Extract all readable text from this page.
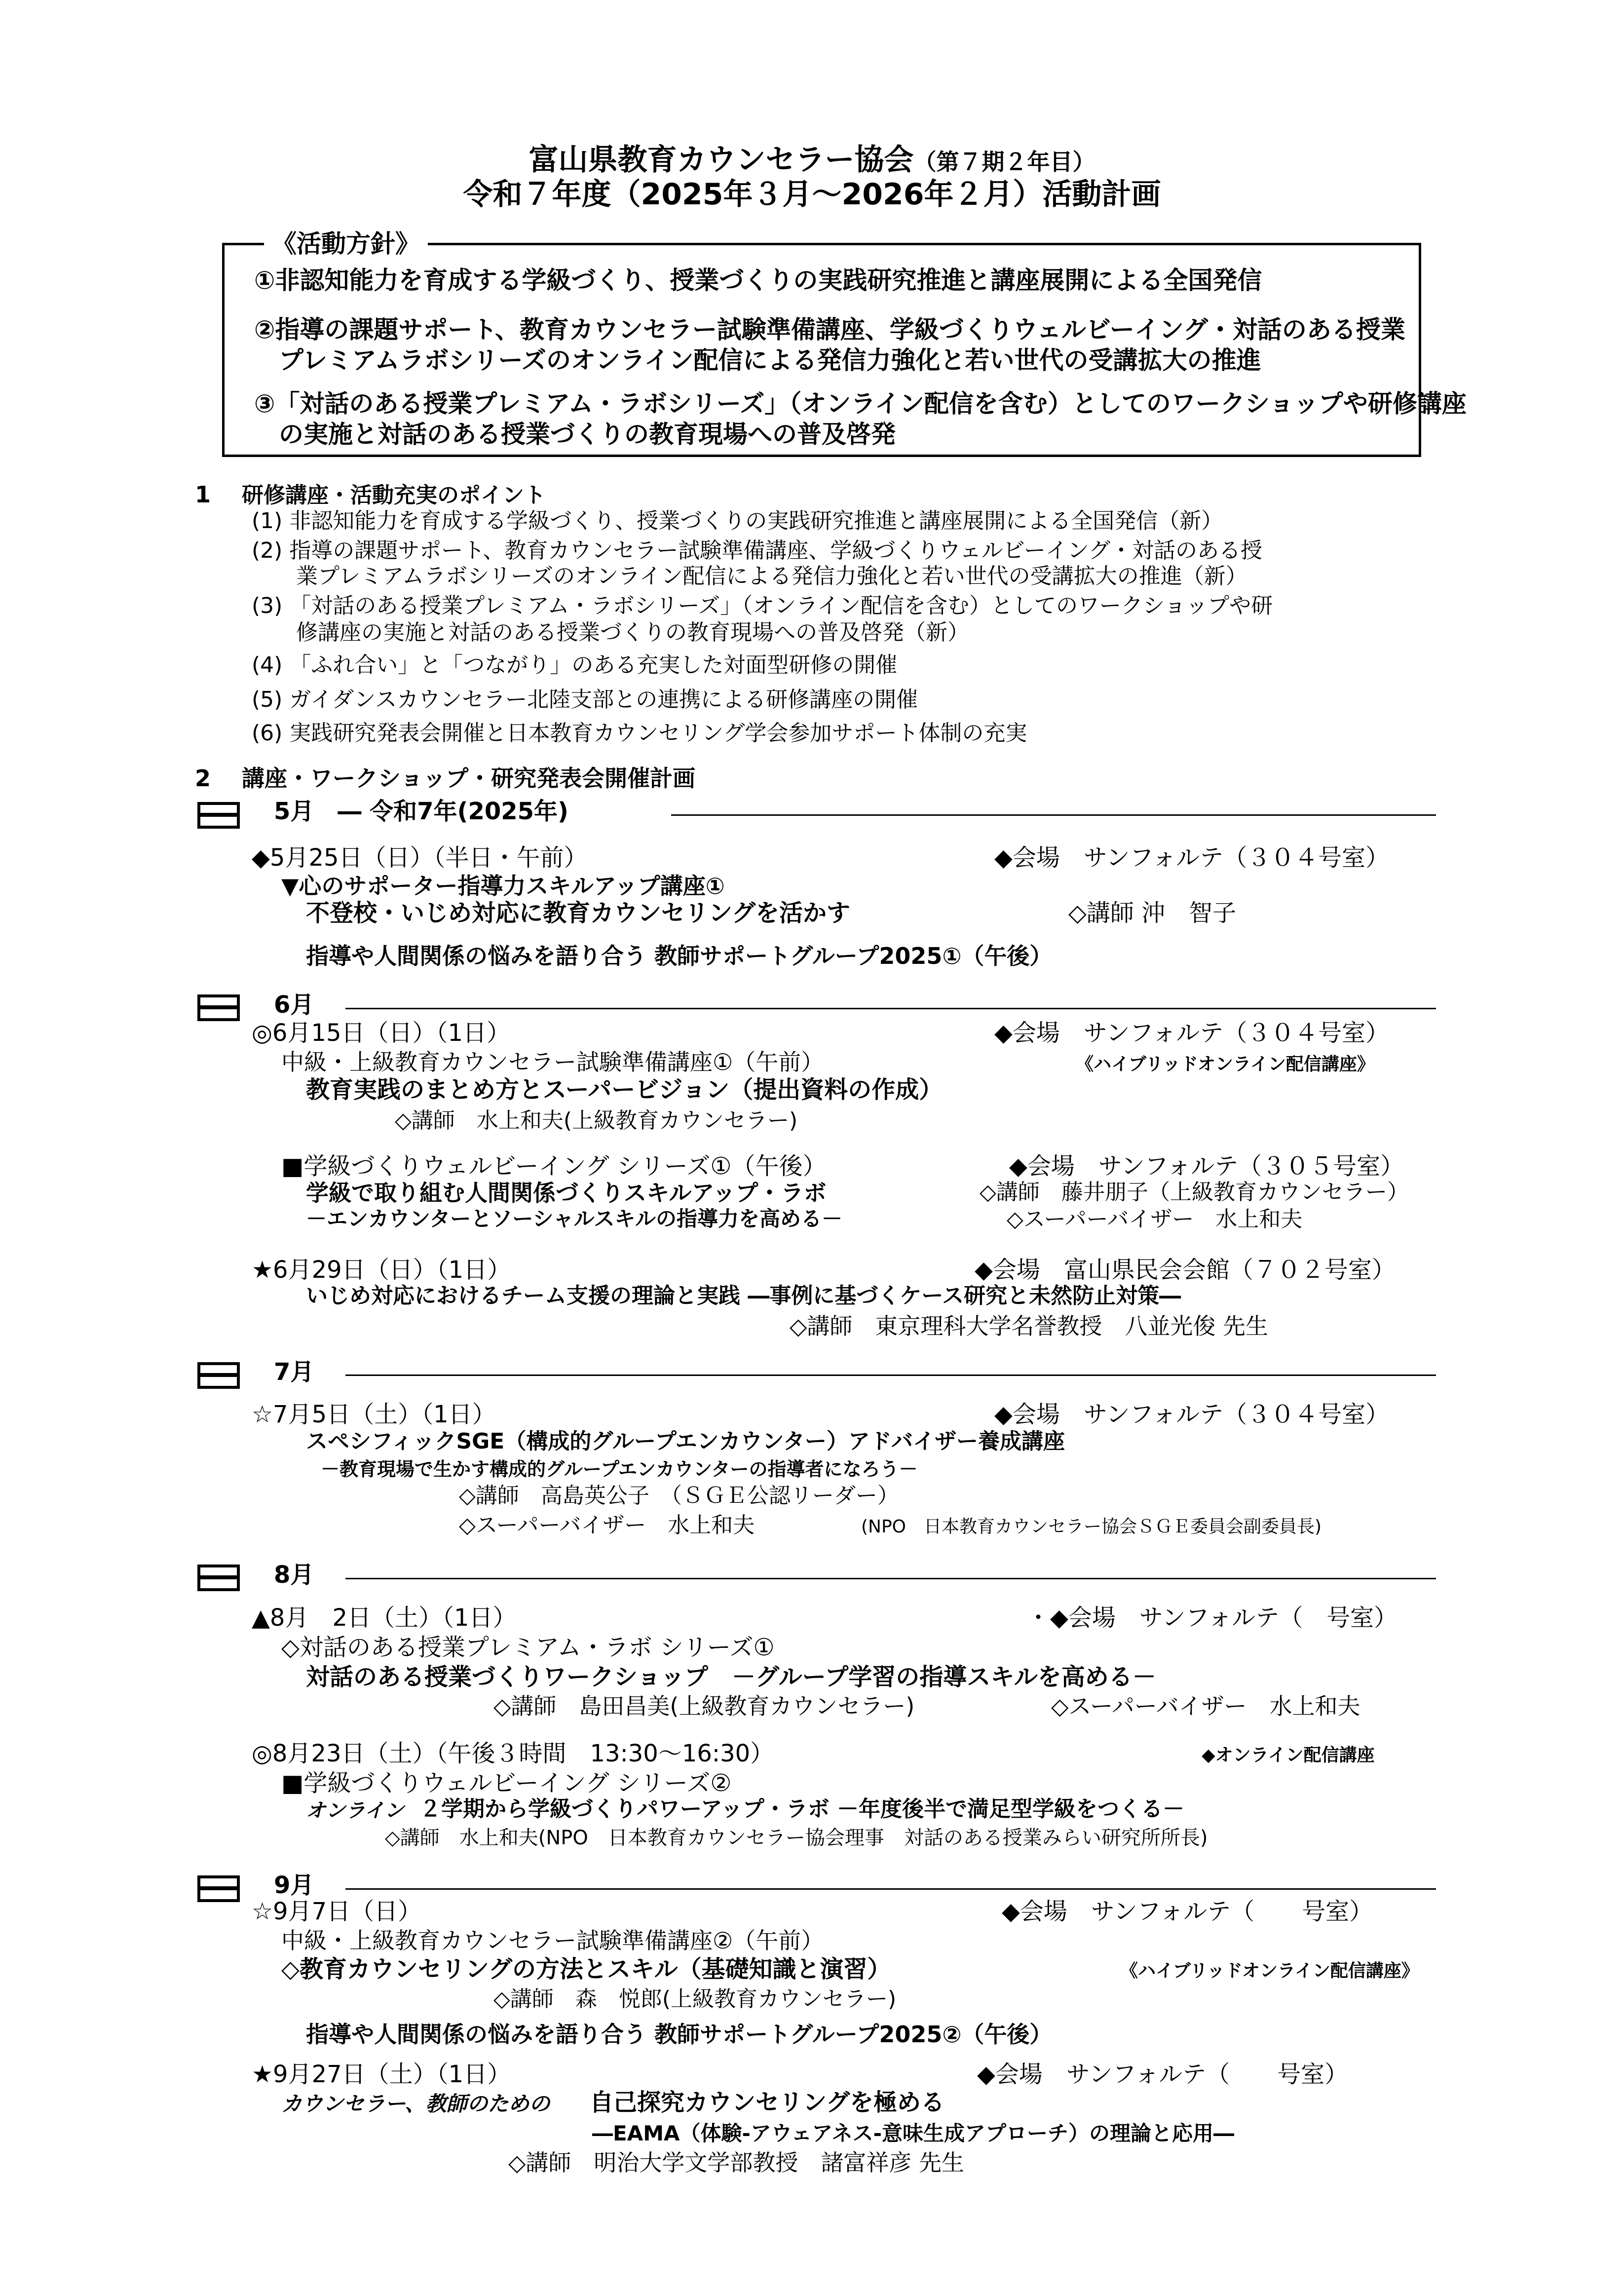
富山県教育カウンセラー協会（第７期２年目）
令和７年度（2025年３月～2026年２月）活動計画
《活動方針》
①非認知能力を育成する学級づくり、授業づくりの実践研究推進と講座展開による全国発信
②指導の課題サポート、教育カウンセラー試験準備講座、学級づくりウェルビーイング・対話のある授業
　プレミアムラボシリーズのオンライン配信による発信力強化と若い世代の受講拡大の推進
③「対話のある授業プレミアム・ラボシリーズ」（オンライン配信を含む）としてのワークショップや研修講座
　の実施と対話のある授業づくりの教育現場への普及啓発
1 研修講座・活動充実のポイント
(1) 非認知能力を育成する学級づくり、授業づくりの実践研究推進と講座展開による全国発信（新）
(2) 指導の課題サポート、教育カウンセラー試験準備講座、学級づくりウェルビーイング・対話のある授
業プレミアムラボシリーズのオンライン配信による発信力強化と若い世代の受講拡大の推進（新）
(3) 「対話のある授業プレミアム・ラボシリーズ」（オンライン配信を含む）としてのワークショップや研
修講座の実施と対話のある授業づくりの教育現場への普及啓発（新）
(4) 「ふれ合い」と「つながり」のある充実した対面型研修の開催
(5) ガイダンスカウンセラー北陸支部との連携による研修講座の開催
(6) 実践研究発表会開催と日本教育カウンセリング学会参加サポート体制の充実
2 講座・ワークショップ・研究発表会開催計画
5月　― 令和7年(2025年)
◆5月25日（日）（半日・午前）	◆会場　サンフォルテ（３０４号室）
▼心のサポーター指導力スキルアップ講座①
不登校・いじめ対応に教育カウンセリングを活かす	◇講師 沖　智子
指導や人間関係の悩みを語り合う 教師サポートグループ2025①（午後）
6月
◎6月15日（日）（1日）	◆会場　サンフォルテ（３０４号室）
中級・上級教育カウンセラー試験準備講座①（午前）	《ハイブリッドオンライン配信講座》
教育実践のまとめ方とスーパービジョン（提出資料の作成）
◇講師　水上和夫(上級教育カウンセラー)
■学級づくりウェルビーイング シリーズ①（午後）	◆会場　サンフォルテ（３０５号室）
学級で取り組む人間関係づくりスキルアップ・ラボ	◇講師　藤井朋子（上級教育カウンセラー）
－エンカウンターとソーシャルスキルの指導力を高める－	◇スーパーバイザー　水上和夫
★6月29日（日）（1日）	◆会場　富山県民会会館（７０２号室）
いじめ対応におけるチーム支援の理論と実践 ―事例に基づくケース研究と未然防止対策―
◇講師　東京理科大学名誉教授　八並光俊 先生
7月
☆7月5日（土）（1日）	◆会場　サンフォルテ（３０４号室）
スペシフィックSGE（構成的グループエンカウンター）アドバイザー養成講座
－教育現場で生かす構成的グループエンカウンターの指導者になろう－
◇講師　高島英公子　（ＳＧＥ公認リーダー）
◇スーパーバイザー　水上和夫	(NPO　日本教育カウンセラー協会ＳＧＥ委員会副委員長)
8月
▲8月　2日（土）（1日）	・◆会場　サンフォルテ（　号室）
◇対話のある授業プレミアム・ラボ シリーズ①
対話のある授業づくりワークショップ　－グループ学習の指導スキルを高める－
◇講師　島田昌美(上級教育カウンセラー)	◇スーパーバイザー　水上和夫
◎8月23日（土）（午後３時間　13:30～16:30）	◆オンライン配信講座
■学級づくりウェルビーイング シリーズ②
オンライン ２学期から学級づくりパワーアップ・ラボ －年度後半で満足型学級をつくる－
◇講師　水上和夫(NPO　日本教育カウンセラー協会理事　対話のある授業みらい研究所所長)
9月
☆9月7日（日）	◆会場　サンフォルテ（　　号室）
中級・上級教育カウンセラー試験準備講座②（午前）
◇教育カウンセリングの方法とスキル（基礎知識と演習）	《ハイブリッドオンライン配信講座》
◇講師　森　悦郎(上級教育カウンセラー)
指導や人間関係の悩みを語り合う 教師サポートグループ2025②（午後）
★9月27日（土）（1日）	◆会場　サンフォルテ（　　号室）
カウンセラー、教師のための 自己探究カウンセリングを極める
―EAMA（体験-アウェアネス-意味生成アプローチ）の理論と応用―
◇講師　明治大学文学部教授　諸富祥彦 先生
